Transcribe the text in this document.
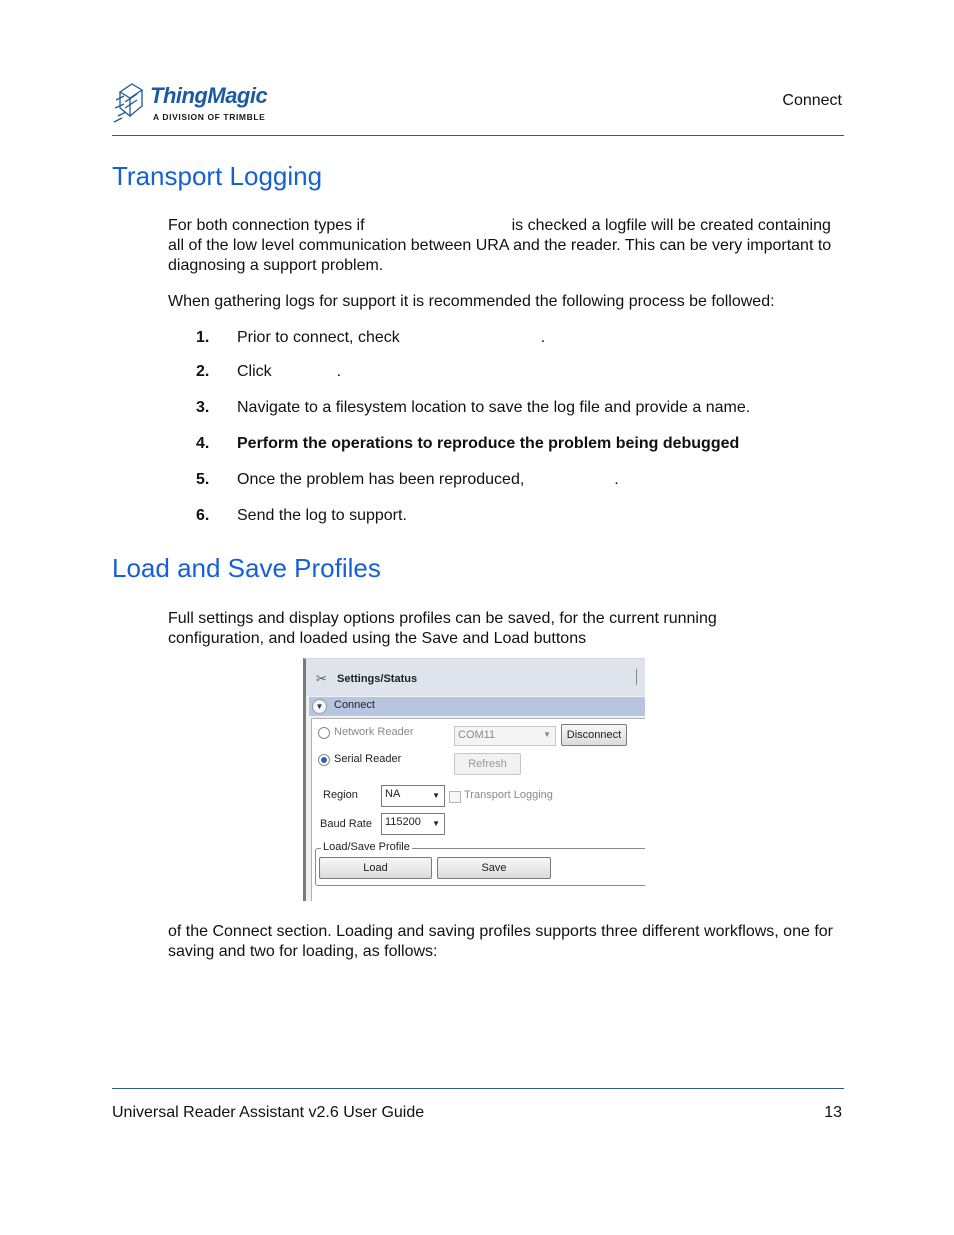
ThingMagic
A DIVISION OF TRIMBLE
Connect
Transport Logging

For both connection types if	is checked a logfile will be created containing all of the low level communication between URA and the reader. This can be very important to diagnosing a support problem.

When gathering logs for support it is recommended the following process be followed:
1.	Prior to connect, check	.
2.	Click	.
3.	Navigate to a filesystem location to save the log file and provide a name.
4.	Perform the operations to reproduce the problem being debugged
5.	Once the problem has been reproduced,	.
6.	Send the log to support.
Load and Save Profiles
Full settings and display options profiles can be saved, for the current running configuration, and loaded using the Save and Load buttons
✂ Settings/Status
▼ Connect
Network Reader
Serial Reader
COM11	▼	Disconnect
Refresh
Region	NA	▼ Transport Logging
Baud Rate	115200 ▼
Load/Save Profile
Load	Save
of the Connect section. Loading and saving profiles supports three different workflows, one for saving and two for loading, as follows:
Universal Reader Assistant v2.6 User Guide	13
